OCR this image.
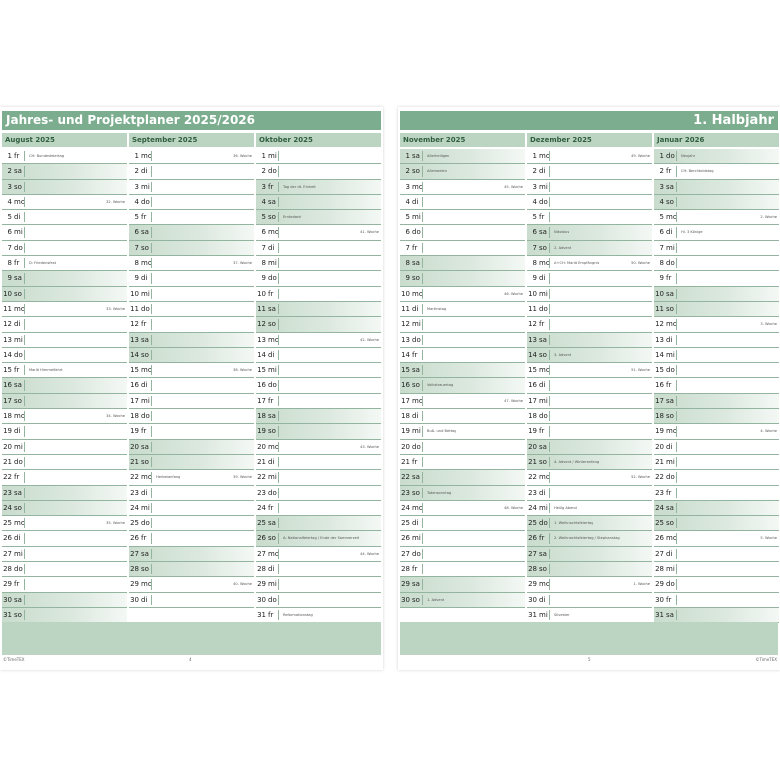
Jahres- und Projektplaner 2025/2026
August 2025
1 fr	CH: Bundesfeiertag
2 sa
3 so
4 mo	32. Woche
5 di
6 mi
7 do
8 fr	D: Friedensfest
9 sa
10 so
11 mo	33. Woche
12 di
13 mi
14 do
15 fr	Mariä Himmelfahrt
16 sa
17 so
18 mo	34. Woche
19 di
20 mi
21 do
22 fr
23 sa
24 so
25 mo	35. Woche
26 di
27 mi
28 do
29 fr
30 sa
31 so
September 2025
1 mo	36. Woche
2 di
3 mi
4 do
5 fr
6 sa
7 so
8 mo	37. Woche
9 di
10 mi
11 do
12 fr
13 sa
14 so
15 mo	38. Woche
16 di
17 mi
18 do
19 fr
20 sa
21 so
22 mo Herbstanfang	39. Woche
23 di
24 mi
25 do
26 fr
27 sa
28 so
29 mo	40. Woche
30 di
Oktober 2025
1 mi
2 do
3 fr	Tag der dt. Einheit
4 sa
5 so Erntedank
6 mo	41. Woche
7 di
8 mi
9 do
10 fr
11 sa
12 so
13 mo	42. Woche
14 di
15 mi
16 do
17 fr
18 sa
19 so
20 mo	43. Woche
21 di
22 mi
23 do
24 fr
25 sa
26 so A: Nationalfeiertag / Ende der Sommerzeit
27 mo	44. Woche
28 di
29 mi
30 do
31 fr	Reformationstag
©TimeTEX	4
1. Halbjahr
November 2025
1 sa Allerheiligen
2 so Allerseelen
3 mo	45. Woche
4 di
5 mi
6 do
7 fr
8 sa
9 so
10 mo	46. Woche
11 di Martinstag
12 mi
13 do
14 fr
15 sa
16 so Volkstrauertag
17 mo	47. Woche
18 di
19 mi Buß- und Bettag
20 do
21 fr
22 sa
23 so Totensonntag
24 mo	48. Woche
25 di
26 mi
27 do
28 fr
29 sa
30 so 1. Advent
Dezember 2025
1 mo	49. Woche
2 di
3 mi
4 do
5 fr
6 sa Nikolaus
7 so 2. Advent
8 mo A+CH: Mariä Empfängnis	50. Woche
9 di
10 mi
11 do
12 fr
13 sa
14 so 3. Advent
15 mo	51. Woche
16 di
17 mi
18 do
19 fr
20 sa
21 so 4. Advent / Winteranfang
22 mo	52. Woche
23 di
24 mi Heilig Abend
25 do 1. Weihnachtsfeiertag
26 fr	2. Weihnachtsfeiertag / Stephanstag
27 sa
28 so
29 mo	1. Woche
30 di
31 mi Silvester
Januar 2026
1 do Neujahr
2 fr	CH: Berchtoldstag
3 sa
4 so
5 mo	2. Woche
6 di Hl. 3 Könige
7 mi
8 do
9 fr
10 sa
11 so
12 mo	3. Woche
13 di
14 mi
15 do
16 fr
17 sa
18 so
19 mo	4. Woche
20 di
21 mi
22 do
23 fr
24 sa
25 so
26 mo	5. Woche
27 di
28 mi
29 do
30 fr
31 sa
5	©TimeTEX
